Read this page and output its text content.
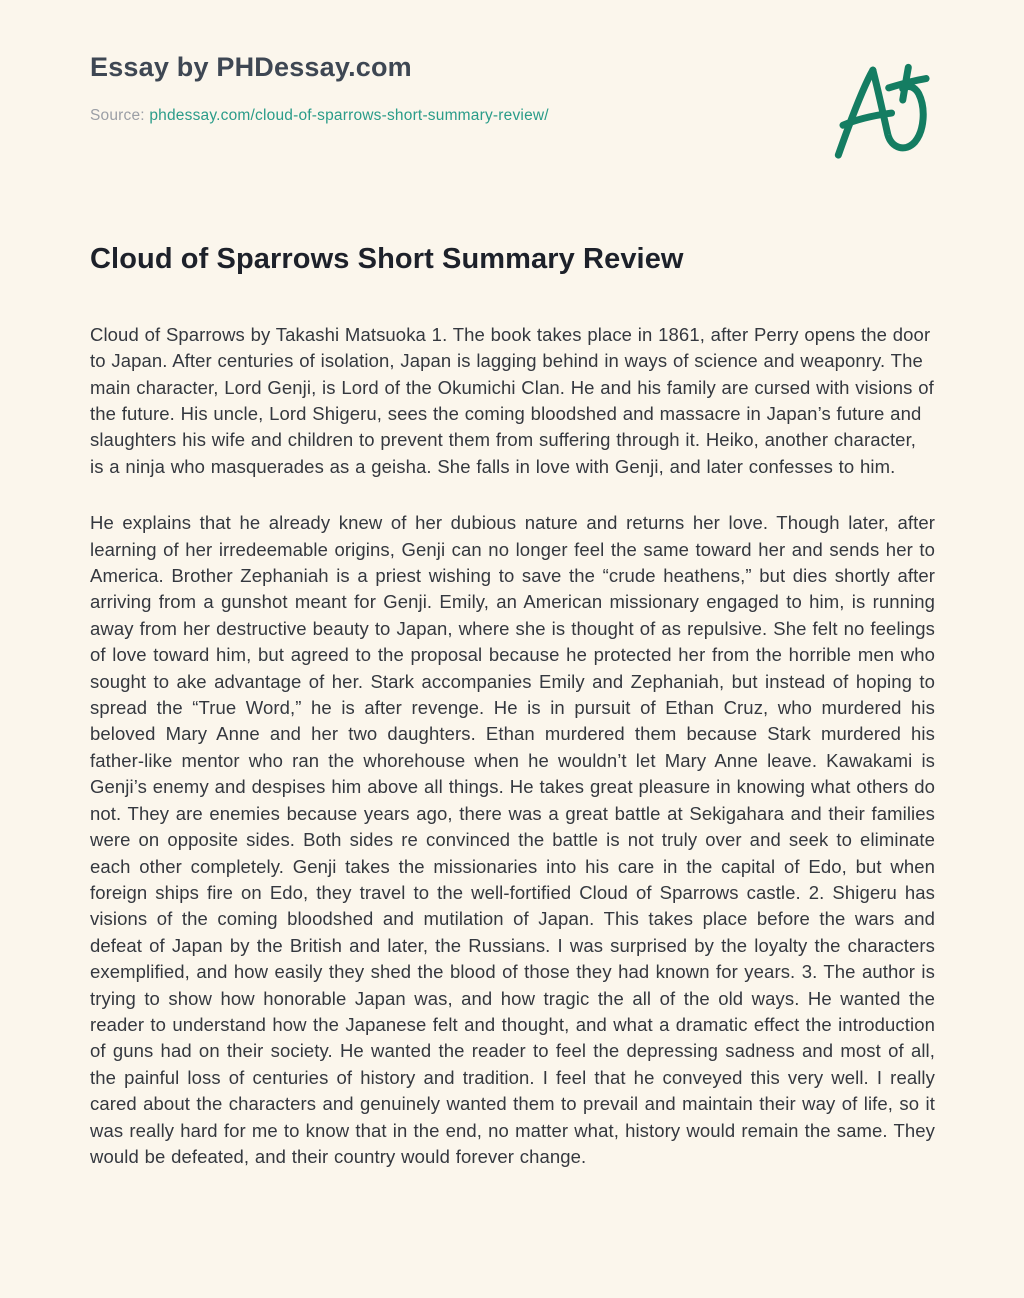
Essay by PHDessay.com

Source: phdessay.com/cloud-of-sparrows-short-summary-review/

Cloud of Sparrows Short Summary Review

Cloud of Sparrows by Takashi Matsuoka 1. The book takes place in 1861, after Perry opens the door to Japan. After centuries of isolation, Japan is lagging behind in ways of science and weaponry. The main character, Lord Genji, is Lord of the Okumichi Clan. He and his family are cursed with visions of the future. His uncle, Lord Shigeru, sees the coming bloodshed and massacre in Japan’s future and slaughters his wife and children to prevent them from suffering through it. Heiko, another character, is a ninja who masquerades as a geisha. She falls in love with Genji, and later confesses to him.

He explains that he already knew of her dubious nature and returns her love. Though later, after learning of her irredeemable origins, Genji can no longer feel the same toward her and sends her to America. Brother Zephaniah is a priest wishing to save the “crude heathens,” but dies shortly after arriving from a gunshot meant for Genji. Emily, an American missionary engaged to him, is running away from her destructive beauty to Japan, where she is thought of as repulsive. She felt no feelings of love toward him, but agreed to the proposal because he protected her from the horrible men who sought to ake advantage of her. Stark accompanies Emily and Zephaniah, but instead of hoping to spread the “True Word,” he is after revenge. He is in pursuit of Ethan Cruz, who murdered his beloved Mary Anne and her two daughters. Ethan murdered them because Stark murdered his father-like mentor who ran the whorehouse when he wouldn’t let Mary Anne leave. Kawakami is Genji’s enemy and despises him above all things. He takes great pleasure in knowing what others do not. They are enemies because years ago, there was a great battle at Sekigahara and their families were on opposite sides. Both sides re convinced the battle is not truly over and seek to eliminate each other completely. Genji takes the missionaries into his care in the capital of Edo, but when foreign ships fire on Edo, they travel to the well-fortified Cloud of Sparrows castle. 2. Shigeru has visions of the coming bloodshed and mutilation of Japan. This takes place before the wars and defeat of Japan by the British and later, the Russians. I was surprised by the loyalty the characters exemplified, and how easily they shed the blood of those they had known for years. 3. The author is trying to show how honorable Japan was, and how tragic the all of the old ways. He wanted the reader to understand how the Japanese felt and thought, and what a dramatic effect the introduction of guns had on their society. He wanted the reader to feel the depressing sadness and most of all, the painful loss of centuries of history and tradition. I feel that he conveyed this very well. I really cared about the characters and genuinely wanted them to prevail and maintain their way of life, so it was really hard for me to know that in the end, no matter what, history would remain the same. They would be defeated, and their country would forever change.
